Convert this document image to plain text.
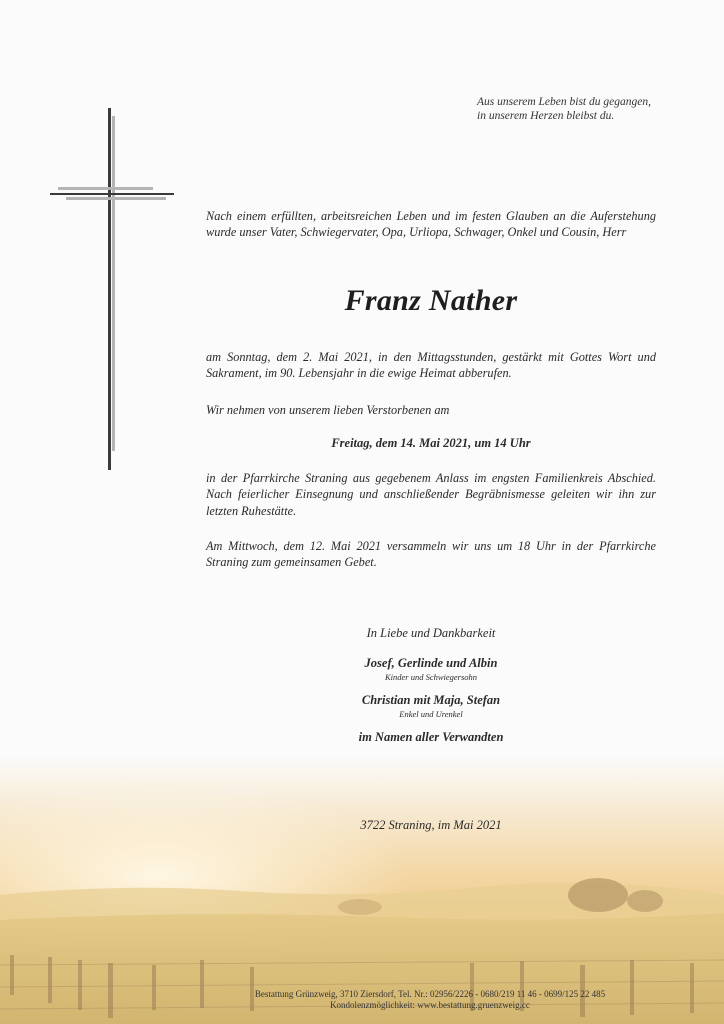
Aus unserem Leben bist du gegangen,
in unserem Herzen bleibst du.
Nach einem erfüllten, arbeitsreichen Leben und im festen Glauben an die Auferstehung wurde unser Vater, Schwiegervater, Opa, Urliopa, Schwager, Onkel und Cousin, Herr
Franz Nather
am Sonntag, dem 2. Mai 2021, in den Mittagsstunden, gestärkt mit Gottes Wort und Sakrament, im 90. Lebensjahr in die ewige Heimat abberufen.
Wir nehmen von unserem lieben Verstorbenen am
Freitag, dem 14. Mai 2021, um 14 Uhr
in der Pfarrkirche Straning aus gegebenem Anlass im engsten Familienkreis Abschied. Nach feierlicher Einsegnung und anschließender Begräbnismesse geleiten wir ihn zur letzten Ruhestätte.
Am Mittwoch, dem 12. Mai 2021 versammeln wir uns um 18 Uhr in der Pfarrkirche Straning zum gemeinsamen Gebet.
In Liebe und Dankbarkeit
Josef, Gerlinde und Albin
Kinder und Schwiegersohn
Christian mit Maja, Stefan
Enkel und Urenkel
im Namen aller Verwandten
3722 Straning, im Mai 2021
Bestattung Grünzweig, 3710 Ziersdorf, Tel. Nr.: 02956/2226 - 0680/219 11 46 - 0699/125 22 485
Kondolenzmöglichkeit: www.bestattung.gruenzweig.cc
